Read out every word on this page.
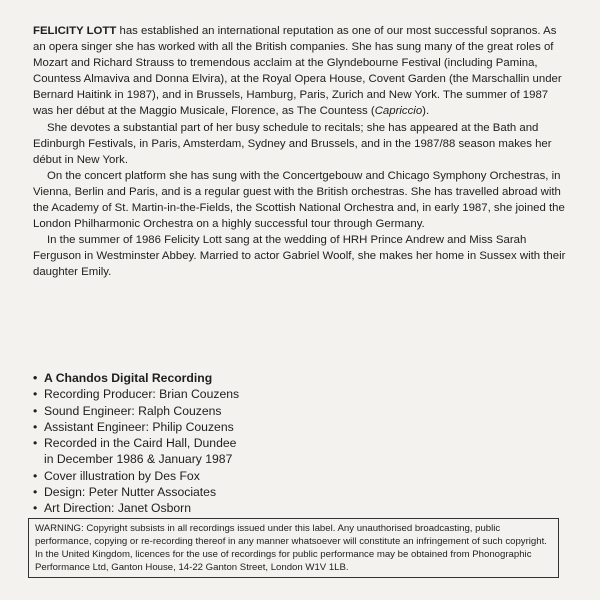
FELICITY LOTT has established an international reputation as one of our most successful sopranos. As an opera singer she has worked with all the British companies. She has sung many of the great roles of Mozart and Richard Strauss to tremendous acclaim at the Glyndebourne Festival (including Pamina, Countess Almaviva and Donna Elvira), at the Royal Opera House, Covent Garden (the Marschallin under Bernard Haitink in 1987), and in Brussels, Hamburg, Paris, Zurich and New York. The summer of 1987 was her début at the Maggio Musicale, Florence, as The Countess (Capriccio).

She devotes a substantial part of her busy schedule to recitals; she has appeared at the Bath and Edinburgh Festivals, in Paris, Amsterdam, Sydney and Brussels, and in the 1987/88 season makes her début in New York.

On the concert platform she has sung with the Concertgebouw and Chicago Symphony Orchestras, in Vienna, Berlin and Paris, and is a regular guest with the British orchestras. She has travelled abroad with the Academy of St. Martin-in-the-Fields, the Scottish National Orchestra and, in early 1987, she joined the London Philharmonic Orchestra on a highly successful tour through Germany.

In the summer of 1986 Felicity Lott sang at the wedding of HRH Prince Andrew and Miss Sarah Ferguson in Westminster Abbey. Married to actor Gabriel Woolf, she makes her home in Sussex with their daughter Emily.

• A Chandos Digital Recording
• Recording Producer: Brian Couzens
• Sound Engineer: Ralph Couzens
• Assistant Engineer: Philip Couzens
• Recorded in the Caird Hall, Dundee
in December 1986 & January 1987
• Cover illustration by Des Fox
• Design: Peter Nutter Associates
• Art Direction: Janet Osborn
WARNING: Copyright subsists in all recordings issued under this label. Any unauthorised broadcasting, public performance, copying or re-recording thereof in any manner whatsoever will constitute an infringement of such copyright. In the United Kingdom, licences for the use of recordings for public performance may be obtained from Phonographic Performance Ltd, Ganton House, 14-22 Ganton Street, London W1V 1LB.
